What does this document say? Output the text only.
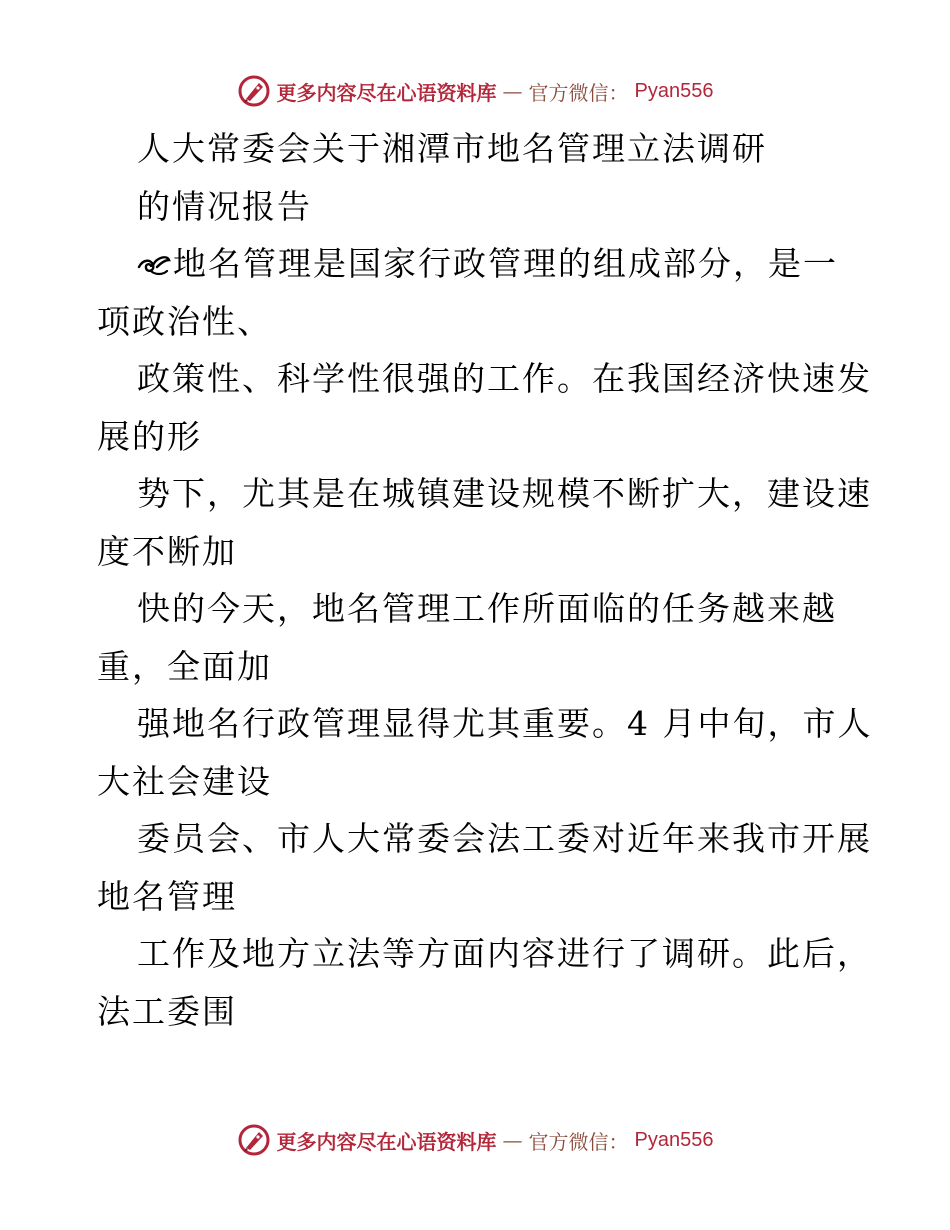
更多内容尽在心语资料库 — 官方微信： Pyan556
人大常委会关于湘潭市地名管理立法调研
的情况报告
地名管理是国家行政管理的组成部分，是一
项政治性、
政策性、科学性很强的工作。在我国经济快速发
展的形
势下，尤其是在城镇建设规模不断扩大，建设速
度不断加
快的今天，地名管理工作所面临的任务越来越
重，全面加
强地名行政管理显得尤其重要。4 月中旬，市人
大社会建设
委员会、市人大常委会法工委对近年来我市开展
地名管理
工作及地方立法等方面内容进行了调研。此后，
法工委围
更多内容尽在心语资料库 — 官方微信： Pyan556
